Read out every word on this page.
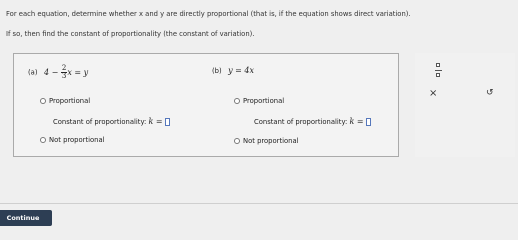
For each equation, determine whether x and y are directly proportional (that is, if the equation shows direct variation).
If so, then find the constant of proportionality (the constant of variation).
(a) $4 - \frac{2}{3}$ x = y
Proportional
Constant of proportionality: k =
Not proportional
(b) y = 4x
Proportional
Constant of proportionality: k =
Not proportional
×	↺
Continue
